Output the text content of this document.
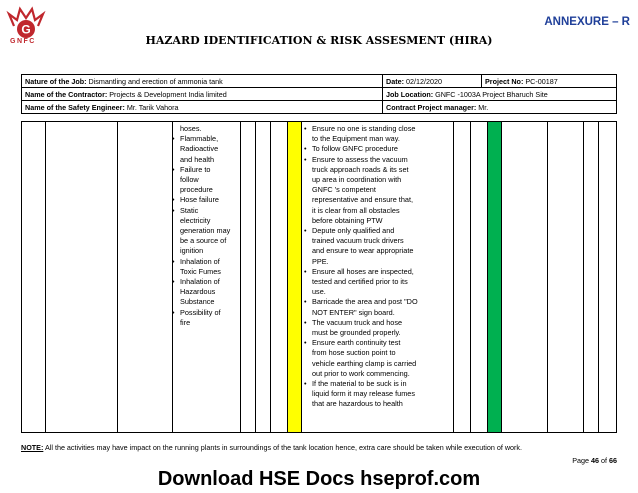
G
GNFC
ANNEXURE – R
HAZARD IDENTIFICATION & RISK ASSESMENT (HIRA)
Nature of the Job: Dismantling and erection of ammonia tank	Date: 02/12/2020	Project No: PC-00187
Name of the Contractor: Projects & Development India limited	Job Location: GNFC -1003A Project Bharuch Site	
Name of the Safety Engineer: Mr. Tarik Vahora	Contract Project manager: Mr.	
hoses.
• Flammable,
Radioactive
and health
• Failure to
follow
procedure
• Hose failure
• Static
electricity
generation may
be a source of
ignition
• Inhalation of
Toxic Fumes
• Inhalation of
Hazardous
Substance
• Possibility of
fire
• Ensure no one is standing close
to the Equipment man way.
• To follow GNFC procedure
• Ensure to assess the vacuum
truck approach roads & its set
up area in coordination with
GNFC 's competent
representative and ensure that,
it is clear from all obstacles
before obtaining PTW
• Depute only qualified and
trained vacuum truck drivers
and ensure to wear appropriate
PPE.
• Ensure all hoses are inspected,
tested and certified prior to its
use.
• Barricade the area and post "DO
NOT ENTER" sign board.
• The vacuum truck and hose
must be grounded properly.
• Ensure earth continuity test
from hose suction point to
vehicle earthing clamp is carried
out prior to work commencing.
• If the material to be suck is in
liquid form it may release fumes
that are hazardous to health
NOTE: All the activities may have impact on the running plants in surroundings of the tank location hence, extra care should be taken while execution of work.
Page 46 of 66
Download HSE Docs hseprof.com
